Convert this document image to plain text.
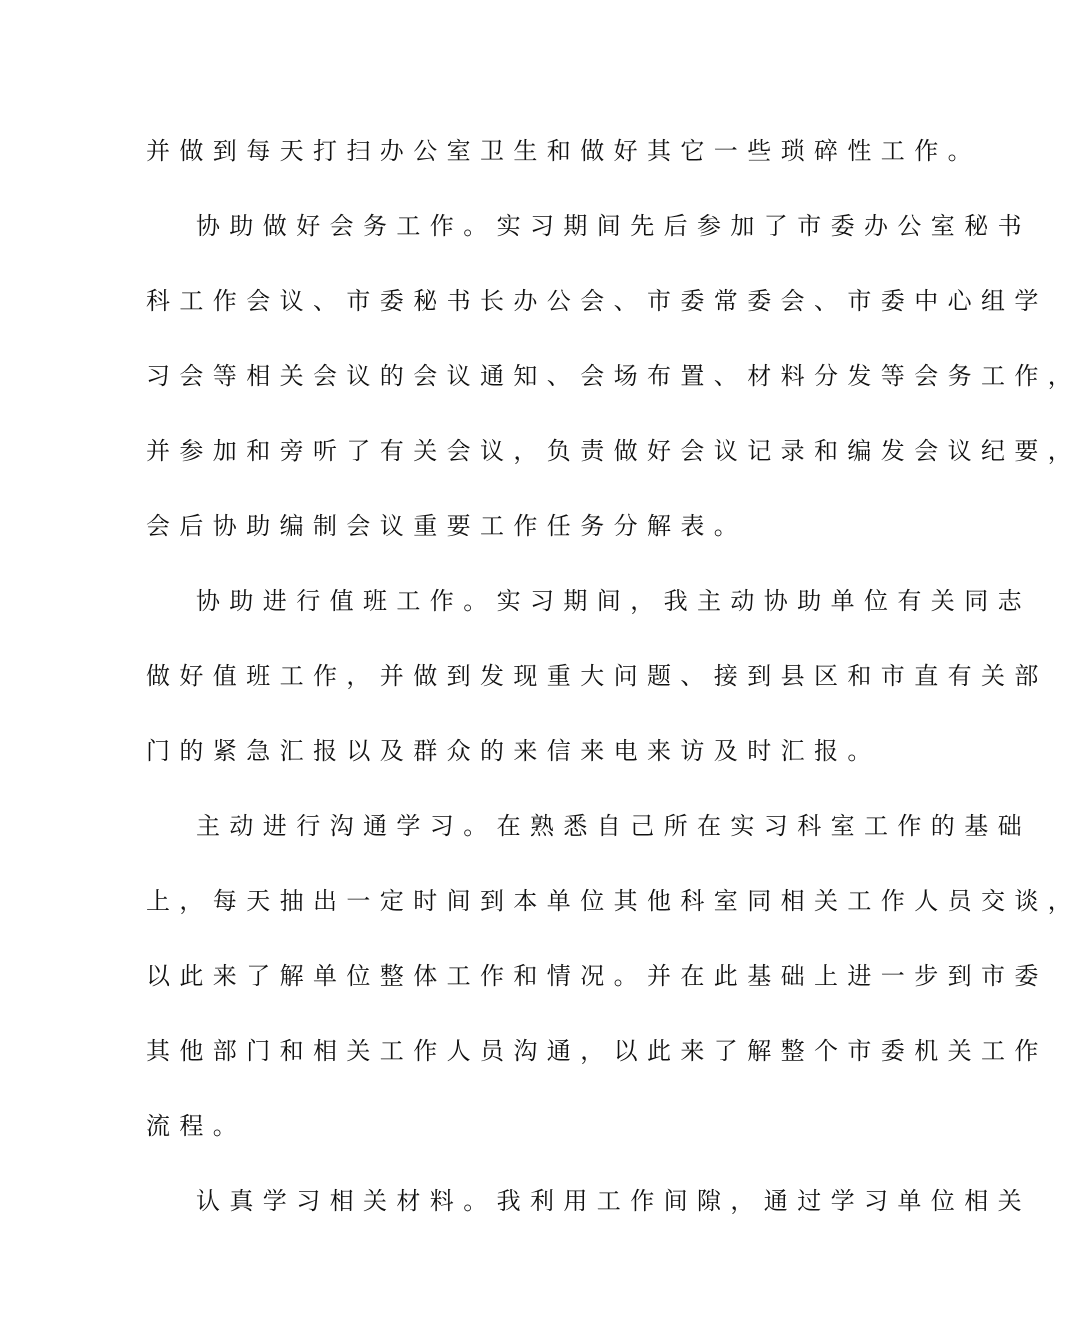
并做到每天打扫办公室卫生和做好其它一些琐碎性工作。
协助做好会务工作。实习期间先后参加了市委办公室秘书
科工作会议、市委秘书长办公会、市委常委会、市委中心组学
习会等相关会议的会议通知、会场布置、材料分发等会务工作，
并参加和旁听了有关会议，负责做好会议记录和编发会议纪要，
会后协助编制会议重要工作任务分解表。
协助进行值班工作。实习期间，我主动协助单位有关同志
做好值班工作，并做到发现重大问题、接到县区和市直有关部
门的紧急汇报以及群众的来信来电来访及时汇报。
主动进行沟通学习。在熟悉自己所在实习科室工作的基础
上，每天抽出一定时间到本单位其他科室同相关工作人员交谈，
以此来了解单位整体工作和情况。并在此基础上进一步到市委
其他部门和相关工作人员沟通，以此来了解整个市委机关工作
流程。
认真学习相关材料。我利用工作间隙，通过学习单位相关
